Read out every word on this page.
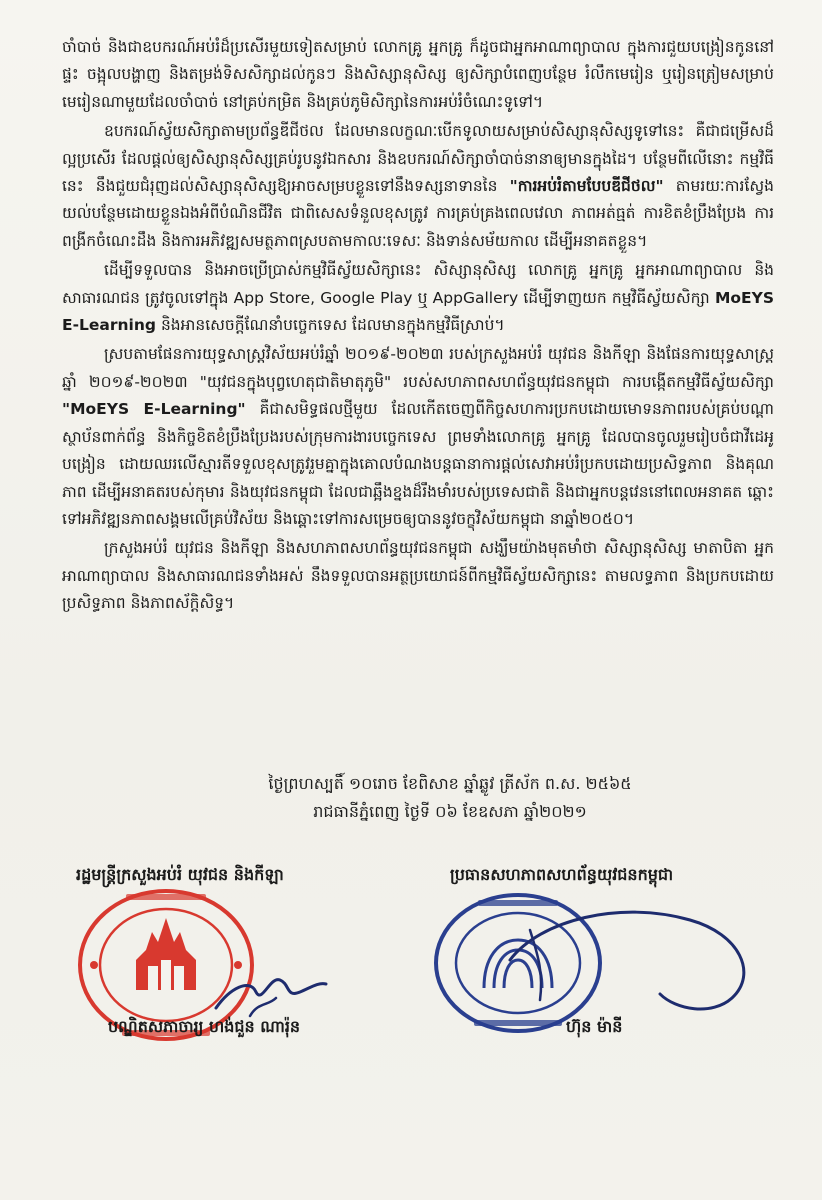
ចាំបាច់ និងជាឧបករណ៍អប់រំដ៏ប្រសើរមួយទៀតសម្រាប់ លោកគ្រូ អ្នកគ្រូ ក៏ដូចជាអ្នកអាណាព្យាបាល ក្នុងការជួយបង្រៀនកូននៅផ្ទះ ចង្អុលបង្ហាញ និងតម្រង់ទិសសិក្សាដល់កូនៗ និងសិស្សានុសិស្ស ឲ្យសិក្សាបំពេញបន្ថែម រំលឹកមេរៀន ឬរៀនត្រៀមសម្រាប់មេរៀនណាមួយដែលចាំបាច់ នៅគ្រប់កម្រិត និងគ្រប់ភូមិសិក្សានៃការអប់រំចំណេះទូទៅ។

ឧបករណ៍ស្វ័យសិក្សាតាមប្រព័ន្ធឌីជីថល ដែលមានលក្ខណៈបើកទូលាយសម្រាប់សិស្សានុសិស្សទូទៅនេះ គឺជាជម្រើសដ៏ល្អប្រសើរ ដែលផ្ដល់ឲ្យសិស្សានុសិស្សគ្រប់រូបនូវឯកសារ និងឧបករណ៍សិក្សាចាំបាច់នានាឲ្យមានក្នុងដៃ។ បន្ថែមពីលើនោះ កម្មវិធីនេះ នឹងជួយជំរុញដល់សិស្សានុសិស្សឱ្យអាចសម្របខ្លួនទៅនឹងទស្សនាទាននៃ "ការអប់រំតាមបែបឌីជីថល" តាមរយៈការស្វែងយល់បន្ថែមដោយខ្លួនឯងអំពីបំណិនជីវិត ជាពិសេសទំនួលខុសត្រូវ ការគ្រប់គ្រងពេលវេលា ភាពអត់ធ្មត់ ការខិតខំប្រឹងប្រែង ការពង្រីកចំណេះដឹង និងការអភិវឌ្ឍសមត្ថភាពស្របតាមកាលៈទេសៈ និងទាន់សម័យកាល ដើម្បីអនាគតខ្លួន។

ដើម្បីទទួលបាន និងអាចប្រើប្រាស់កម្មវិធីស្វ័យសិក្សានេះ សិស្សានុសិស្ស លោកគ្រូ អ្នកគ្រូ អ្នកអាណាព្យាបាល និងសាធារណជន ត្រូវចូលទៅក្នុង App Store, Google Play ឬ AppGallery ដើម្បីទាញយក កម្មវិធីស្វ័យសិក្សា MoEYS E-Learning និងអានសេចក្ដីណែនាំបច្ចេកទេស ដែលមានក្នុងកម្មវិធីស្រាប់។

ស្របតាមផែនការយុទ្ធសាស្ត្រវិស័យអប់រំឆ្នាំ ២០១៩-២០២៣ របស់ក្រសួងអប់រំ យុវជន និងកីឡា និងផែនការយុទ្ធសាស្ត្រឆ្នាំ ២០១៩-២០២៣ "យុវជនក្នុងបុព្វហេតុជាតិមាតុភូមិ" របស់សហភាពសហព័ន្ធយុវជនកម្ពុជា ការបង្កើតកម្មវិធីស្វ័យសិក្សា "MoEYS E-Learning" គឺជាសមិទ្ធផលថ្មីមួយ ដែលកើតចេញពីកិច្ចសហការប្រកបដោយមោទនភាពរបស់គ្រប់បណ្ដាស្ថាប័នពាក់ព័ន្ធ និងកិច្ចខិតខំប្រឹងប្រែងរបស់ក្រុមការងារបច្ចេកទេស ព្រមទាំងលោកគ្រូ អ្នកគ្រូ ដែលបានចូលរួមរៀបចំជាវីដេអូបង្រៀន ដោយឈរលើស្មារតីទទួលខុសត្រូវរួមគ្នាក្នុងគោលបំណងបន្តធានាការផ្ដល់សេវាអប់រំប្រកបដោយប្រសិទ្ធភាព និងគុណភាព ដើម្បីអនាគតរបស់កុមារ និងយុវជនកម្ពុជា ដែលជាឆ្អឹងខ្នងដ៏រឹងមាំរបស់ប្រទេសជាតិ និងជាអ្នកបន្តវេននៅពេលអនាគត ឆ្ពោះទៅអភិវឌ្ឍនភាពសង្គមលើគ្រប់វិស័យ និងឆ្ពោះទៅការសម្រេចឲ្យបាននូវចក្ខុវិស័យកម្ពុជា នាឆ្នាំ២០៥០។

ក្រសួងអប់រំ យុវជន និងកីឡា និងសហភាពសហព័ន្ធយុវជនកម្ពុជា សង្ឃឹមយ៉ាងមុតមាំថា សិស្សានុសិស្ស មាតាបិតា អ្នកអាណាព្យាបាល និងសាធារណជនទាំងអស់ នឹងទទួលបានអត្ថប្រយោជន៍ពីកម្មវិធីស្វ័យសិក្សានេះ តាមលទ្ធភាព និងប្រកបដោយប្រសិទ្ធភាព និងភាពស័ក្តិសិទ្ធ។

ថ្ងៃព្រហស្បតិ៍ ១០រោច ខែពិសាខ ឆ្នាំឆ្លូវ ត្រីស័ក ព.ស. ២៥៦៥
រាជធានីភ្នំពេញ ថ្ងៃទី ០៦ ខែឧសភា ឆ្នាំ២០២១
រដ្ឋមន្ត្រីក្រសួងអប់រំ យុវជន និងកីឡា	ប្រធានសហភាពសហព័ន្ធយុវជនកម្ពុជា
បណ្ឌិតសភាចារ្យ ហង់ជួន ណារ៉ុន	ហ៊ុន ម៉ានី
